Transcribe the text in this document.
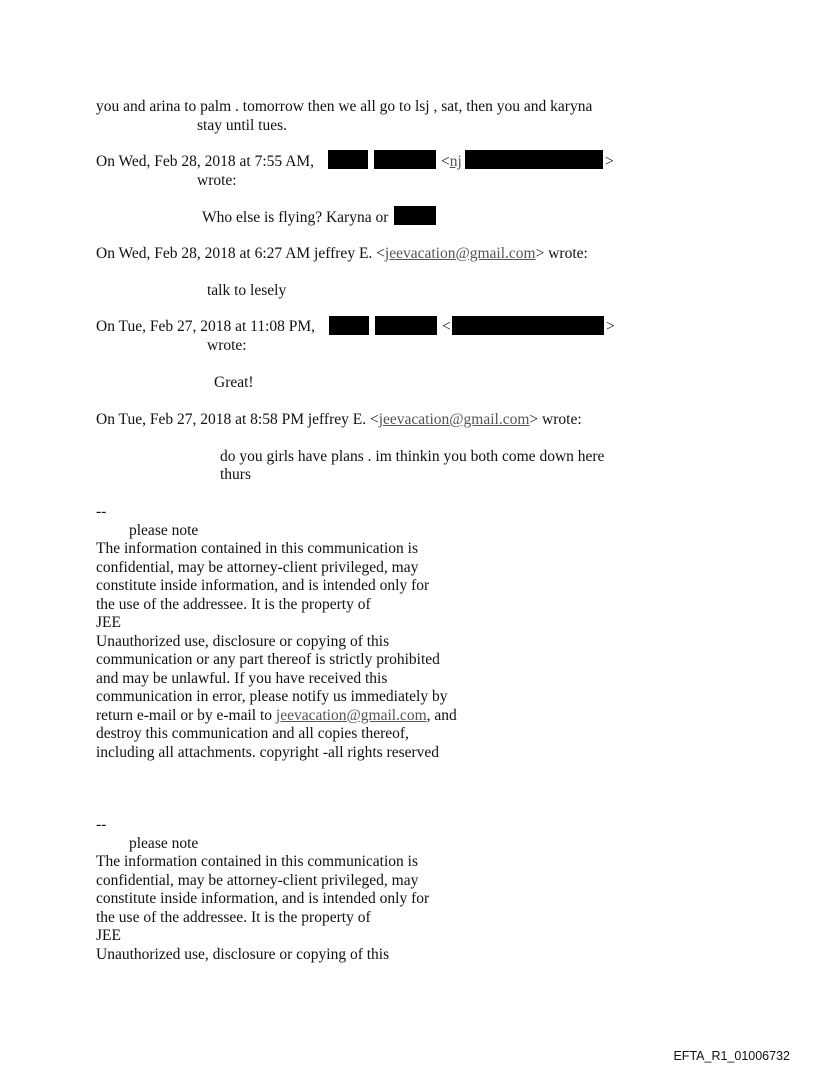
you and arina to palm . tomorrow then we all go to lsj , sat, then you and karyna
stay until tues.
On Wed, Feb 28, 2018 at 7:55 AM,	<nj	>
wrote:
Who else is flying? Karyna or
On Wed, Feb 28, 2018 at 6:27 AM jeffrey E. <jeevacation@gmail.com> wrote:
talk to lesely
On Tue, Feb 27, 2018 at 11:08 PM,	<	>
wrote:
Great!
On Tue, Feb 27, 2018 at 8:58 PM jeffrey E. <jeevacation@gmail.com> wrote:
do you girls have plans . im thinkin you both come down here
thurs
--
please note
The information contained in this communication is
confidential, may be attorney-client privileged, may
constitute inside information, and is intended only for
the use of the addressee. It is the property of
JEE
Unauthorized use, disclosure or copying of this
communication or any part thereof is strictly prohibited
and may be unlawful. If you have received this
communication in error, please notify us immediately by
return e-mail or by e-mail to jeevacation@gmail.com, and
destroy this communication and all copies thereof,
including all attachments. copyright -all rights reserved
--
please note
The information contained in this communication is
confidential, may be attorney-client privileged, may
constitute inside information, and is intended only for
the use of the addressee. It is the property of
JEE
Unauthorized use, disclosure or copying of this
EFTA_R1_01006732
